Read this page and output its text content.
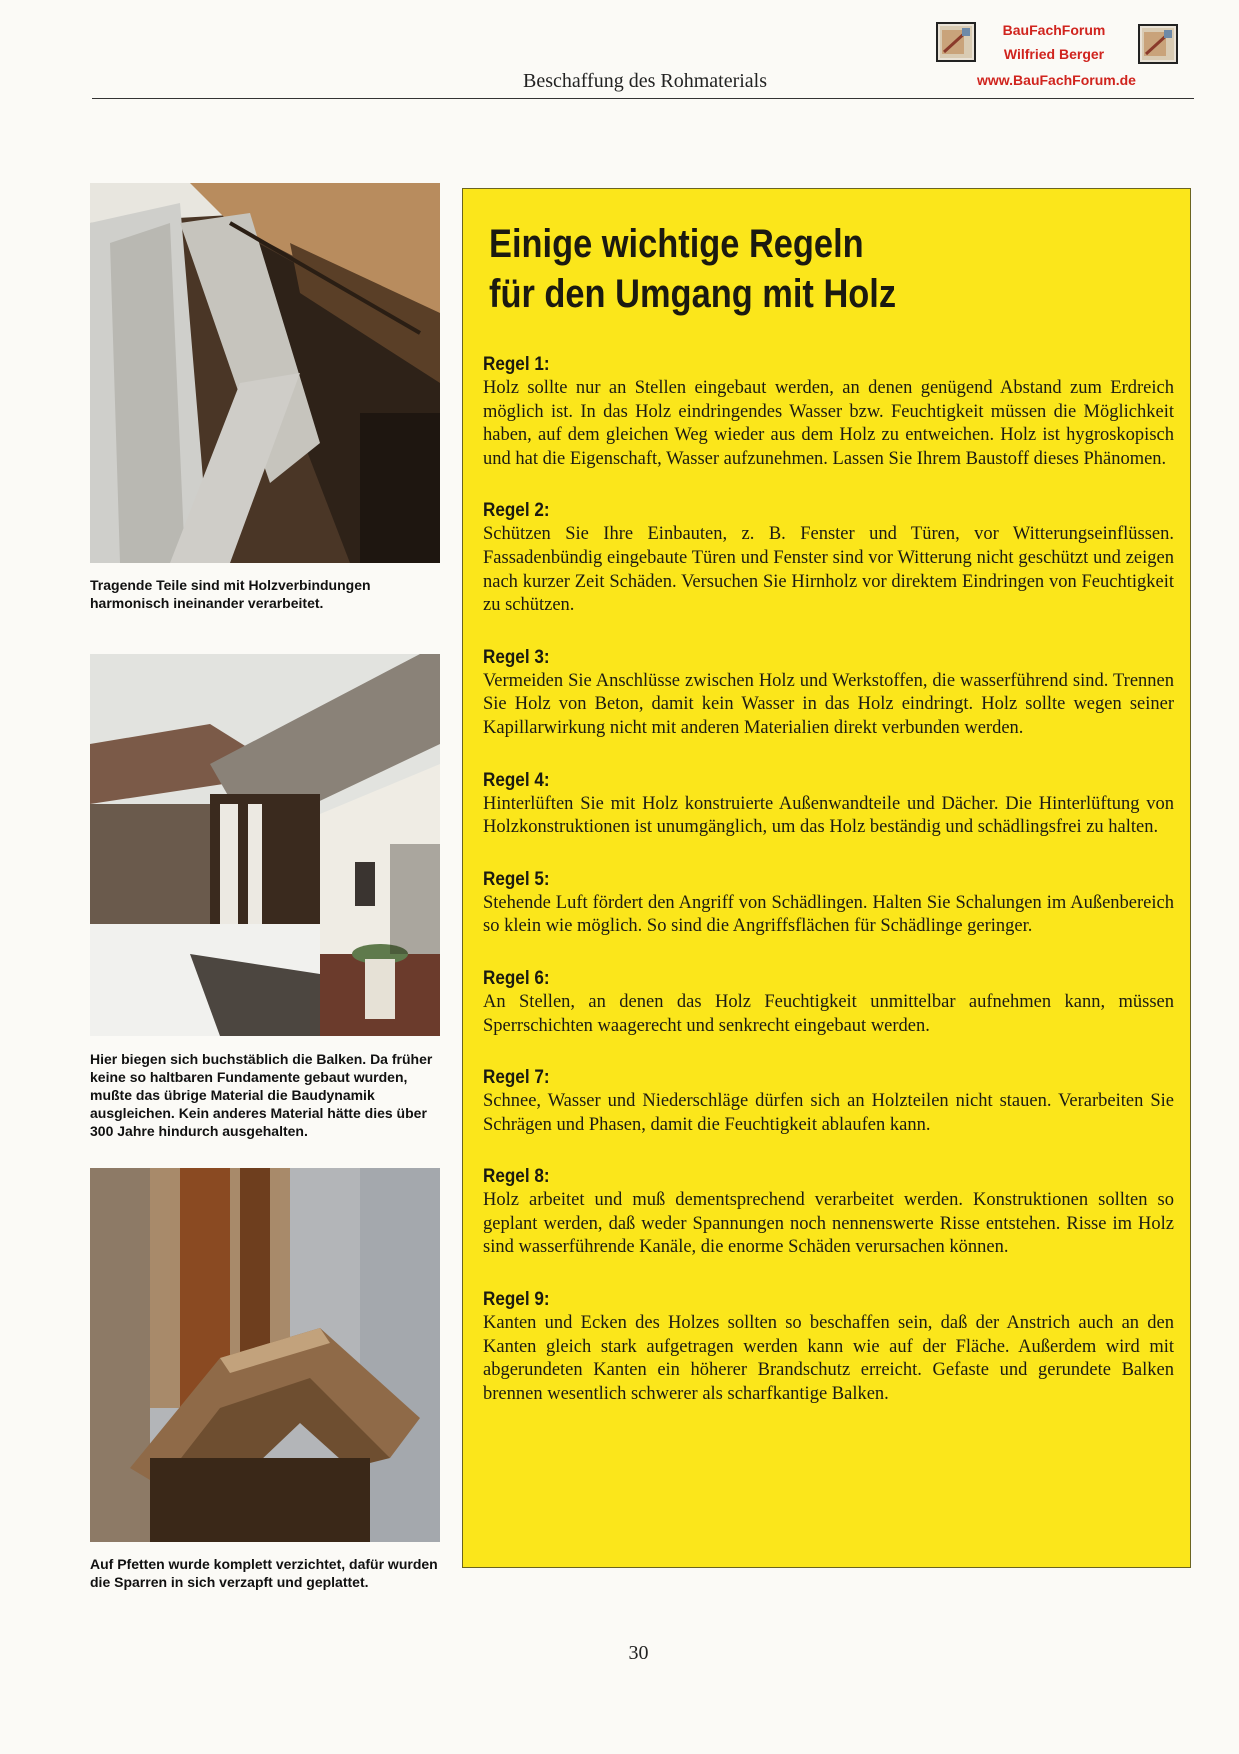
Beschaffung des Rohmaterials
BauFachForum
Wilfried Berger
www.BauFachForum.de
Tragende Teile sind mit Holzverbindungen harmonisch ineinander verarbeitet.
Hier biegen sich buchstäblich die Balken. Da früher keine so haltbaren Fundamente gebaut wurden, mußte das übrige Material die Baudynamik ausgleichen. Kein anderes Material hätte dies über 300 Jahre hindurch ausgehalten.
Auf Pfetten wurde komplett verzichtet, dafür wurden die Sparren in sich verzapft und geplattet.
Einige wichtige Regeln
für den Umgang mit Holz
Regel 1:
Holz sollte nur an Stellen eingebaut werden, an denen genügend Abstand zum Erdreich möglich ist. In das Holz eindringendes Wasser bzw. Feuchtigkeit müssen die Möglichkeit haben, auf dem gleichen Weg wieder aus dem Holz zu entweichen. Holz ist hygroskopisch und hat die Eigenschaft, Wasser aufzunehmen. Lassen Sie Ihrem Baustoff dieses Phänomen.
Regel 2:
Schützen Sie Ihre Einbauten, z. B. Fenster und Türen, vor Witterungseinflüssen. Fassadenbündig eingebaute Türen und Fenster sind vor Witterung nicht geschützt und zeigen nach kurzer Zeit Schäden. Versuchen Sie Hirnholz vor direktem Eindringen von Feuchtigkeit zu schützen.
Regel 3:
Vermeiden Sie Anschlüsse zwischen Holz und Werkstoffen, die wasserführend sind. Trennen Sie Holz von Beton, damit kein Wasser in das Holz eindringt. Holz sollte wegen seiner Kapillarwirkung nicht mit anderen Materialien direkt verbunden werden.
Regel 4:
Hinterlüften Sie mit Holz konstruierte Außenwandteile und Dächer. Die Hinterlüftung von Holzkonstruktionen ist unumgänglich, um das Holz beständig und schädlingsfrei zu halten.
Regel 5:
Stehende Luft fördert den Angriff von Schädlingen. Halten Sie Schalungen im Außenbereich so klein wie möglich. So sind die Angriffsflächen für Schädlinge geringer.
Regel 6:
An Stellen, an denen das Holz Feuchtigkeit unmittelbar aufnehmen kann, müssen Sperrschichten waagerecht und senkrecht eingebaut werden.
Regel 7:
Schnee, Wasser und Niederschläge dürfen sich an Holzteilen nicht stauen. Verarbeiten Sie Schrägen und Phasen, damit die Feuchtigkeit ablaufen kann.
Regel 8:
Holz arbeitet und muß dementsprechend verarbeitet werden. Konstruktionen sollten so geplant werden, daß weder Spannungen noch nennenswerte Risse entstehen. Risse im Holz sind wasserführende Kanäle, die enorme Schäden verursachen können.
Regel 9:
Kanten und Ecken des Holzes sollten so beschaffen sein, daß der Anstrich auch an den Kanten gleich stark aufgetragen werden kann wie auf der Fläche. Außerdem wird mit abgerundeten Kanten ein höherer Brandschutz erreicht. Gefaste und gerundete Balken brennen wesentlich schwerer als scharfkantige Balken.
30
